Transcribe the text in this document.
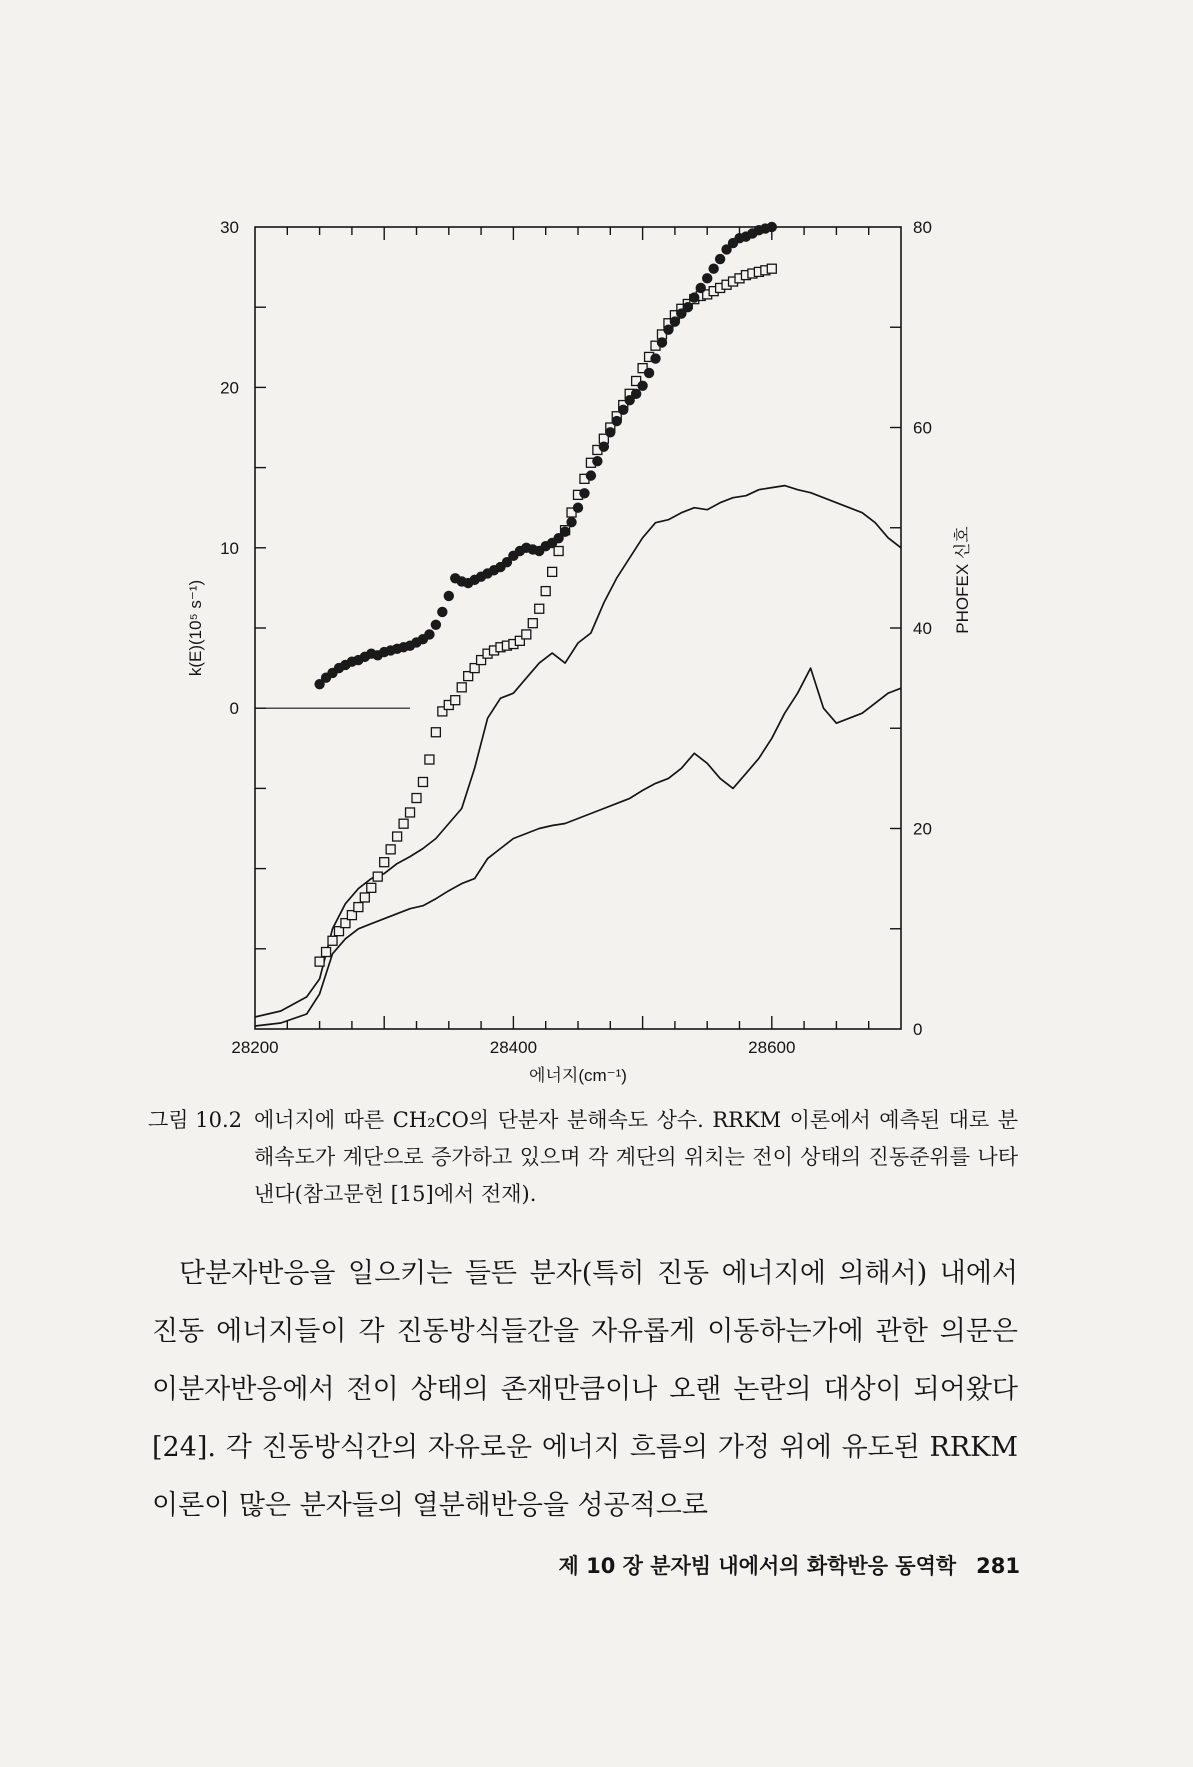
28200	28400	28600
30
20
10
0
80
60
40
20
0
에너지(cm⁻¹)
k(E)(10⁵ s⁻¹)	PHOFEX 신호
그림 10.2 에너지에 따른 CH₂CO의 단분자 분해속도 상수. RRKM 이론에서 예측된 대로 분해속도가 계단으로 증가하고 있으며 각 계단의 위치는 전이 상태의 진동준위를 나타낸다(참고문헌 [15]에서 전재).
단분자반응을 일으키는 들뜬 분자(특히 진동 에너지에 의해서) 내에서 진동 에너지들이 각 진동방식들간을 자유롭게 이동하는가에 관한 의문은 이분자반응에서 전이 상태의 존재만큼이나 오랜 논란의 대상이 되어왔다[24]. 각 진동방식간의 자유로운 에너지 흐름의 가정 위에 유도된 RRKM 이론이 많은 분자들의 열분해반응을 성공적으로
제 10 장 분자빔 내에서의 화학반응 동역학 281
